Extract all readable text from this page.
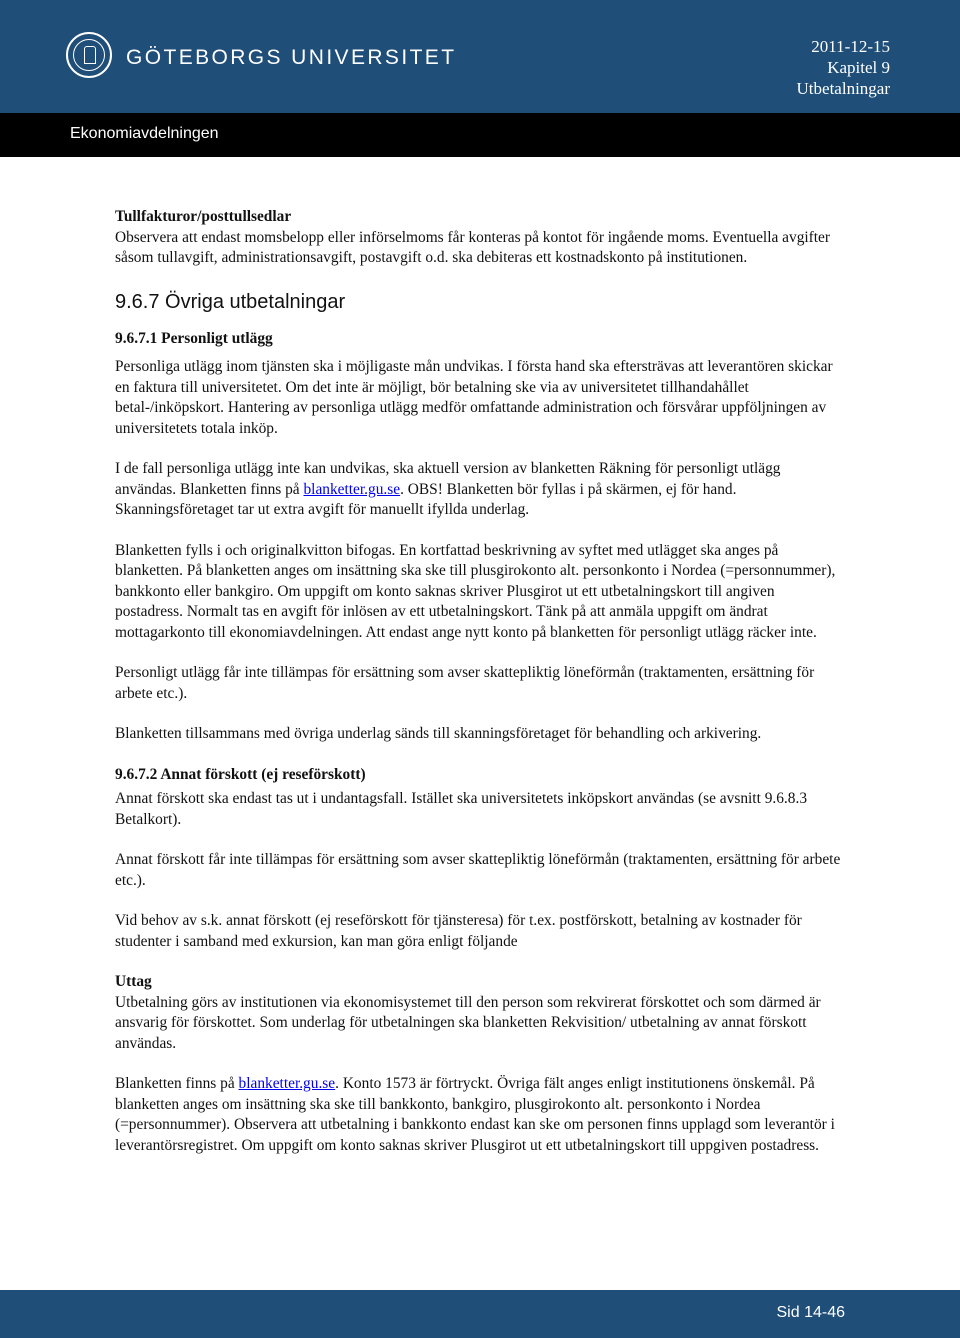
GÖTEBORGS UNIVERSITET	2011-12-15
Kapitel 9
Utbetalningar
Ekonomiavdelningen
Tullfakturor/posttullsedlar

Observera att endast momsbelopp eller införselmoms får konteras på kontot för ingående moms. Eventuella avgifter såsom tullavgift, administrationsavgift, postavgift o.d. ska debiteras ett kostnadskonto på institutionen.

9.6.7 Övriga utbetalningar
9.6.7.1 Personligt utlägg

Personliga utlägg inom tjänsten ska i möjligaste mån undvikas. I första hand ska eftersträvas att leverantören skickar en faktura till universitetet. Om det inte är möjligt, bör betalning ske via av universitetet tillhandahållet betal-/inköpskort. Hantering av personliga utlägg medför omfattande administration och försvårar uppföljningen av universitetets totala inköp.

I de fall personliga utlägg inte kan undvikas, ska aktuell version av blanketten Räkning för personligt utlägg användas. Blanketten finns på blanketter.gu.se. OBS! Blanketten bör fyllas i på skärmen, ej för hand. Skanningsföretaget tar ut extra avgift för manuellt ifyllda underlag.

Blanketten fylls i och originalkvitton bifogas. En kortfattad beskrivning av syftet med utlägget ska anges på blanketten. På blanketten anges om insättning ska ske till plusgirokonto alt. personkonto i Nordea (=personnummer), bankkonto eller bankgiro. Om uppgift om konto saknas skriver Plusgirot ut ett utbetalningskort till angiven postadress. Normalt tas en avgift för inlösen av ett utbetalningskort. Tänk på att anmäla uppgift om ändrat mottagarkonto till ekonomiavdelningen. Att endast ange nytt konto på blanketten för personligt utlägg räcker inte.

Personligt utlägg får inte tillämpas för ersättning som avser skattepliktig löneförmån (traktamenten, ersättning för arbete etc.).

Blanketten tillsammans med övriga underlag sänds till skanningsföretaget för behandling och arkivering.

9.6.7.2 Annat förskott (ej reseförskott)

Annat förskott ska endast tas ut i undantagsfall. Istället ska universitetets inköpskort användas (se avsnitt 9.6.8.3 Betalkort).

Annat förskott får inte tillämpas för ersättning som avser skattepliktig löneförmån (traktamenten, ersättning för arbete etc.).

Vid behov av s.k. annat förskott (ej reseförskott för tjänsteresa) för t.ex. postförskott, betalning av kostnader för studenter i samband med exkursion, kan man göra enligt följande

Uttag

Utbetalning görs av institutionen via ekonomisystemet till den person som rekvirerat förskottet och som därmed är ansvarig för förskottet. Som underlag för utbetalningen ska blanketten Rekvisition/ utbetalning av annat förskott användas.

Blanketten finns på blanketter.gu.se. Konto 1573 är förtryckt. Övriga fält anges enligt institutionens önskemål. På blanketten anges om insättning ska ske till bankkonto, bankgiro, plusgirokonto alt. personkonto i Nordea (=personnummer). Observera att utbetalning i bankkonto endast kan ske om personen finns upplagd som leverantör i leverantörsregistret. Om uppgift om konto saknas skriver Plusgirot ut ett utbetalningskort till uppgiven postadress.

Sid 14-46
